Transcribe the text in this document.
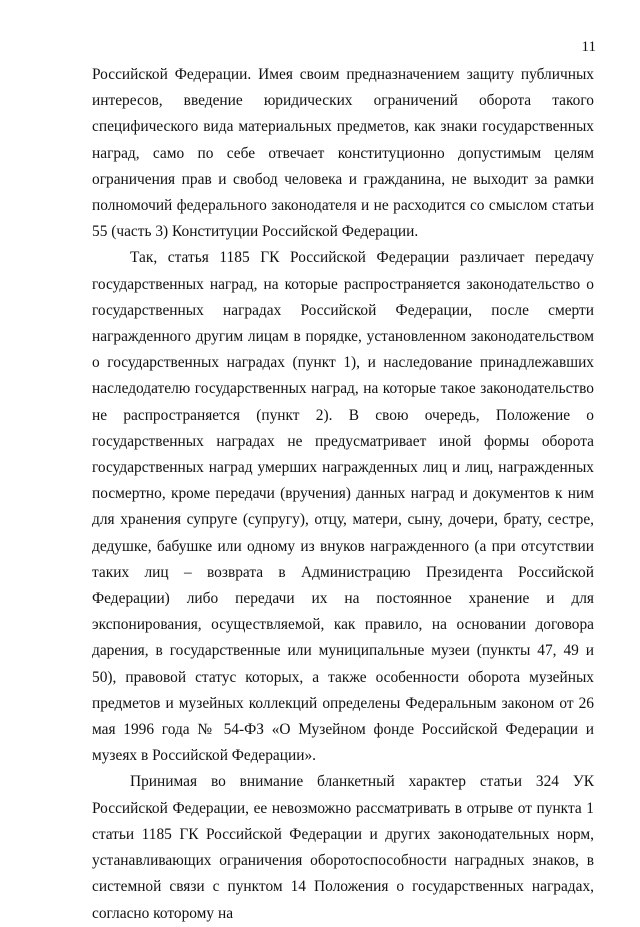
11

Российской Федерации. Имея своим предназначением защиту публичных интересов, введение юридических ограничений оборота такого специфического вида материальных предметов, как знаки государственных наград, само по себе отвечает конституционно допустимым целям ограничения прав и свобод человека и гражданина, не выходит за рамки полномочий федерального законодателя и не расходится со смыслом статьи 55 (часть 3) Конституции Российской Федерации.

Так, статья 1185 ГК Российской Федерации различает передачу государственных наград, на которые распространяется законодательство о государственных наградах Российской Федерации, после смерти награжденного другим лицам в порядке, установленном законодательством о государственных наградах (пункт 1), и наследование принадлежавших наследодателю государственных наград, на которые такое законодательство не распространяется (пункт 2). В свою очередь, Положение о государственных наградах не предусматривает иной формы оборота государственных наград умерших награжденных лиц и лиц, награжденных посмертно, кроме передачи (вручения) данных наград и документов к ним для хранения супруге (супругу), отцу, матери, сыну, дочери, брату, сестре, дедушке, бабушке или одному из внуков награжденного (а при отсутствии таких лиц – возврата в Администрацию Президента Российской Федерации) либо передачи их на постоянное хранение и для экспонирования, осуществляемой, как правило, на основании договора дарения, в государственные или муниципальные музеи (пункты 47, 49 и 50), правовой статус которых, а также особенности оборота музейных предметов и музейных коллекций определены Федеральным законом от 26 мая 1996 года № 54-ФЗ «О Музейном фонде Российской Федерации и музеях в Российской Федерации».

Принимая во внимание бланкетный характер статьи 324 УК Российской Федерации, ее невозможно рассматривать в отрыве от пункта 1 статьи 1185 ГК Российской Федерации и других законодательных норм, устанавливающих ограничения оборотоспособности наградных знаков, в системной связи с пунктом 14 Положения о государственных наградах, согласно которому на
